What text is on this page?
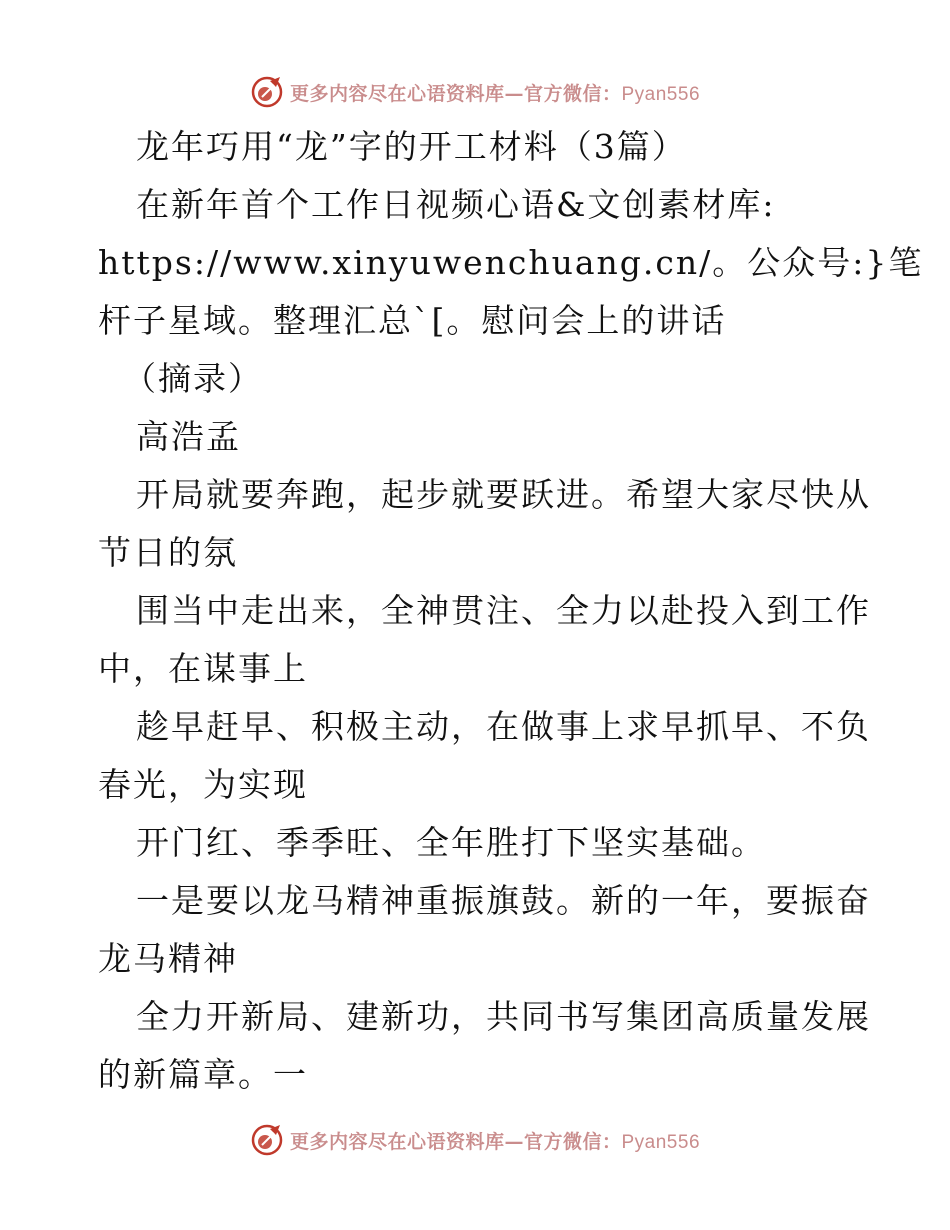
更多内容尽在心语资料库—官方微信：Pyan556
龙年巧用“龙”字的开工材料（3篇）
在新年首个工作日视频心语&文创素材库:
https://www.xinyuwenchuang.cn/。公众号:}笔
杆子星域。整理汇总`[。慰问会上的讲话
（摘录）
高浩孟
开局就要奔跑，起步就要跃进。希望大家尽快从
节日的氛
围当中走出来，全神贯注、全力以赴投入到工作
中，在谋事上
趁早赶早、积极主动，在做事上求早抓早、不负
春光，为实现
开门红、季季旺、全年胜打下坚实基础。
一是要以龙马精神重振旗鼓。新的一年，要振奋
龙马精神
全力开新局、建新功，共同书写集团高质量发展
的新篇章。一
更多内容尽在心语资料库—官方微信：Pyan556
